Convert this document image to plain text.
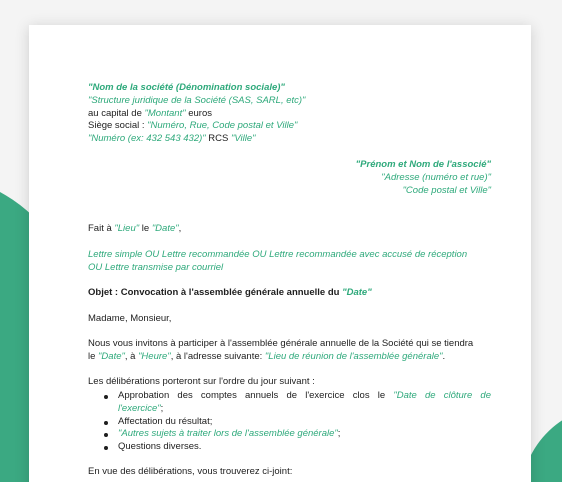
"Nom de la société (Dénomination sociale)"
"Structure juridique de la Société (SAS, SARL, etc)"
au capital de "Montant" euros
Siège social : "Numéro, Rue, Code postal et Ville"
"Numéro (ex: 432 543 432)" RCS "Ville"
"Prénom et Nom de l'associé"
"Adresse (numéro et rue)"
"Code postal et Ville"
Fait à "Lieu" le "Date",
Lettre simple OU Lettre recommandée OU Lettre recommandée avec accusé de réception
OU Lettre transmise par courriel
Objet : Convocation à l'assemblée générale annuelle du "Date"
Madame, Monsieur,
Nous vous invitons à participer à l'assemblée générale annuelle de la Société qui se tiendra
le "Date", à "Heure", à l'adresse suivante: "Lieu de réunion de l'assemblée générale".
Les délibérations porteront sur l'ordre du jour suivant :
Approbation des comptes annuels de l'exercice clos le "Date de clôture de
l'exercice";
Affectation du résultat;
"Autres sujets à traiter lors de l'assemblée générale";
Questions diverses.
En vue des délibérations, vous trouverez ci-joint:
